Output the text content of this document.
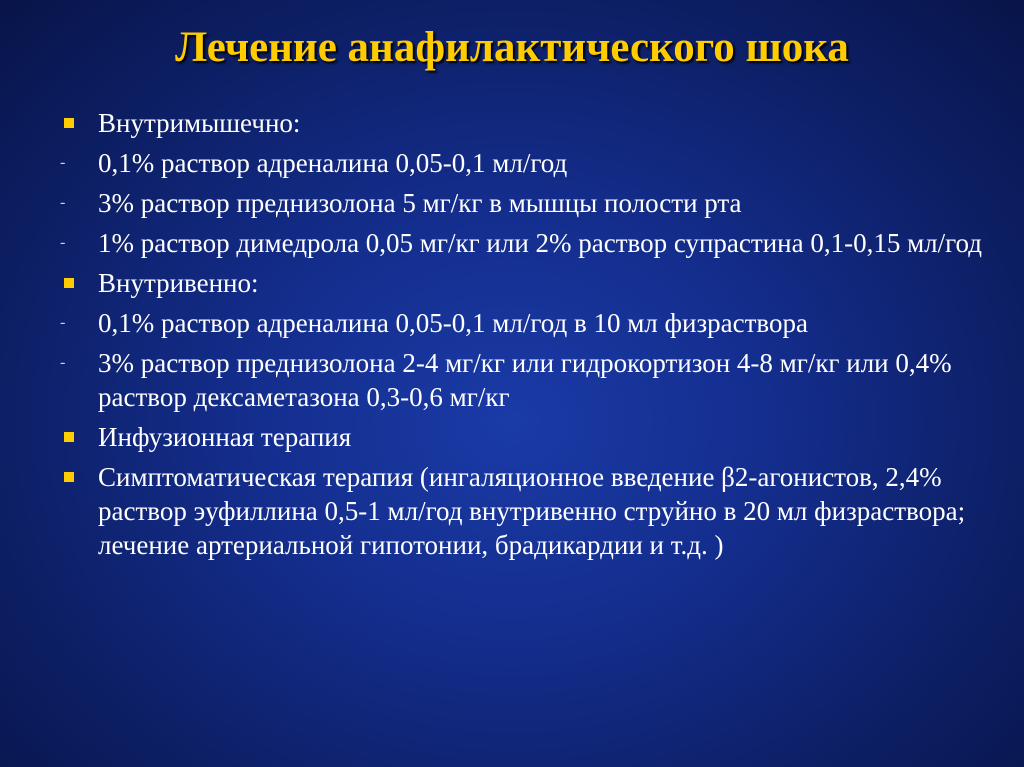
Лечение анафилактического шока
Внутримышечно:
- 0,1% раствор адреналина 0,05-0,1 мл/год
- 3% раствор преднизолона 5 мг/кг в мышцы полости рта
- 1% раствор димедрола 0,05 мг/кг или 2% раствор супрастина 0,1-0,15 мл/год
Внутривенно:
- 0,1% раствор адреналина 0,05-0,1 мл/год в 10 мл физраствора
- 3% раствор преднизолона 2-4 мг/кг или гидрокортизон 4-8 мг/кг или 0,4% раствор дексаметазона 0,3-0,6 мг/кг
Инфузионная терапия
Симптоматическая терапия (ингаляционное введение β2-агонистов, 2,4% раствор эуфиллина 0,5-1 мл/год внутривенно струйно в 20 мл физраствора; лечение артериальной гипотонии, брадикардии и т.д. )
